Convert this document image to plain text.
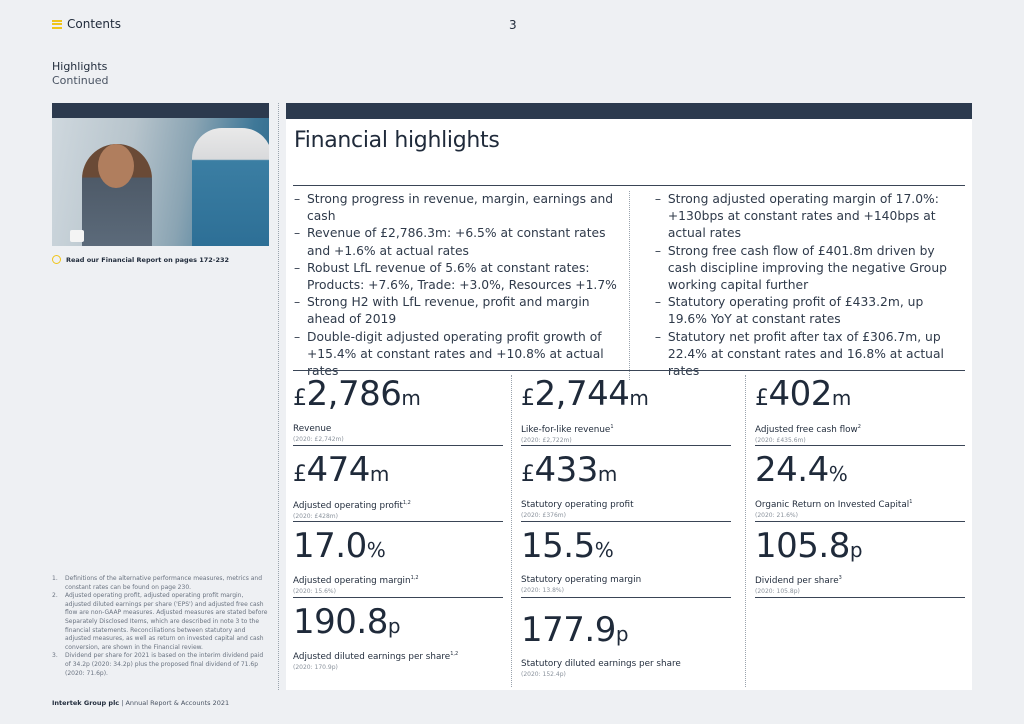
Contents	3
Highlights
Continued
Read our Financial Report on pages 172-232
1.	Definitions of the alternative performance measures, metrics and constant rates can be found on page 230.
2.	Adjusted operating profit, adjusted operating profit margin, adjusted diluted earnings per share ('EPS') and adjusted free cash flow are non-GAAP measures. Adjusted measures are stated before Separately Disclosed Items, which are described in note 3 to the financial statements. Reconciliations between statutory and adjusted measures, as well as return on invested capital and cash conversion, are shown in the Financial review.
3.	Dividend per share for 2021 is based on the interim dividend paid of 34.2p (2020: 34.2p) plus the proposed final dividend of 71.6p (2020: 71.6p).
Intertek Group plc | Annual Report & Accounts 2021
Financial highlights
– Strong progress in revenue, margin, earnings and cash
– Revenue of £2,786.3m: +6.5% at constant rates and +1.6% at actual rates
– Robust LfL revenue of 5.6% at constant rates: Products: +7.6%, Trade: +3.0%, Resources +1.7%
– Strong H2 with LfL revenue, profit and margin ahead of 2019
– Double-digit adjusted operating profit growth of +15.4% at constant rates and +10.8% at actual rates
– Strong adjusted operating margin of 17.0%: +130bps at constant rates and +140bps at actual rates
– Strong free cash flow of £401.8m driven by cash discipline improving the negative Group working capital further
– Statutory operating profit of £433.2m, up 19.6% YoY at constant rates
– Statutory net profit after tax of £306.7m, up 22.4% at constant rates and 16.8% at actual rates
£2,786m
Revenue
(2020: £2,742m)
£2,744m
Like-for-like revenue$^1$
(2020: £2,722m)
£402m
Adjusted free cash flow$^2$
(2020: £435.6m)
£474m
Adjusted operating profit$^{1,2}$
(2020: £428m)
£433m
Statutory operating profit
(2020: £376m)
24.4%
Organic Return on Invested Capital$^1$
(2020: 21.6%)
17.0%
Adjusted operating margin$^{1,2}$
(2020: 15.6%)
15.5%
Statutory operating margin
(2020: 13.8%)
105.8p
Dividend per share$^3$
(2020: 105.8p)
190.8p
Adjusted diluted earnings per share$^{1,2}$
(2020: 170.9p)
177.9p
Statutory diluted earnings per share
(2020: 152.4p)
